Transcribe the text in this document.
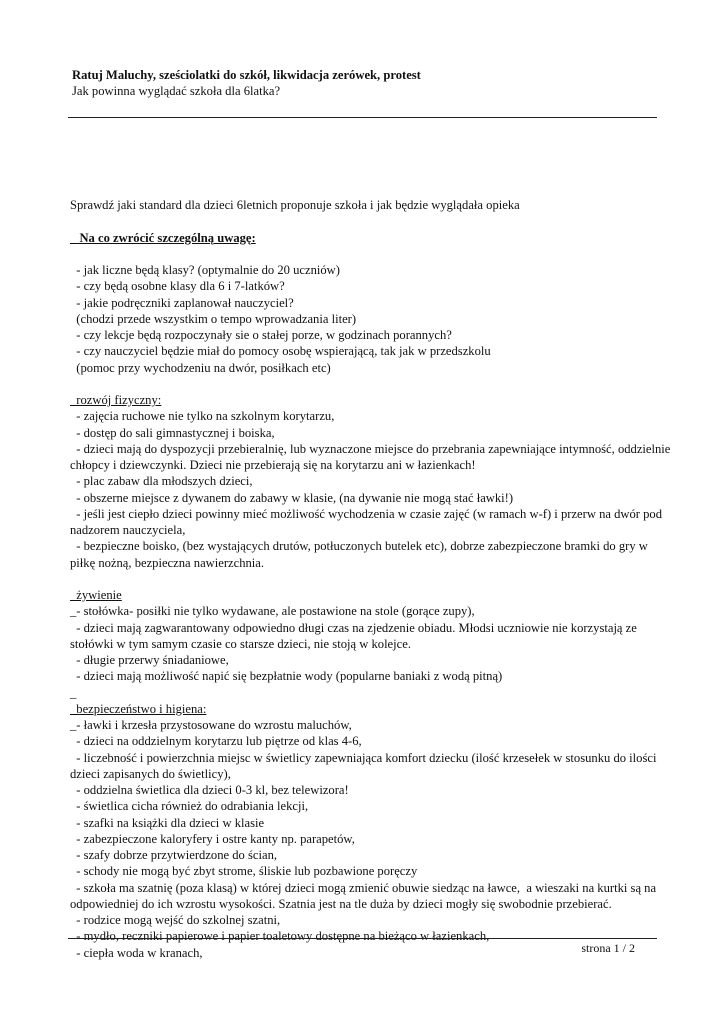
Ratuj Maluchy, sześciolatki do szkół, likwidacja zerówek, protest
Jak powinna wyglądać szkoła dla 6latka?
Sprawdź jaki standard dla dzieci 6letnich proponuje szkoła i jak będzie wyglądała opieka
Na co zwrócić szczególną uwagę:
- jak liczne będą klasy? (optymalnie do 20 uczniów)
- czy będą osobne klasy dla 6 i 7-latków?
- jakie podręczniki zaplanował nauczyciel?
(chodzi przede wszystkim o tempo wprowadzania liter)
- czy lekcje będą rozpoczynały sie o stałej porze, w godzinach porannych?
- czy nauczyciel będzie miał do pomocy osobę wspierającą, tak jak w przedszkolu
(pomoc przy wychodzeniu na dwór, posiłkach etc)
rozwój fizyczny:
- zajęcia ruchowe nie tylko na szkolnym korytarzu,
- dostęp do sali gimnastycznej i boiska,
- dzieci mają do dyspozycji przebieralnię, lub wyznaczone miejsce do przebrania zapewniające intymność, oddzielnie
chłopcy i dziewczynki. Dzieci nie przebierają się na korytarzu ani w łazienkach!
- plac zabaw dla młodszych dzieci,
- obszerne miejsce z dywanem do zabawy w klasie, (na dywanie nie mogą stać ławki!)
- jeśli jest ciepło dzieci powinny mieć możliwość wychodzenia w czasie zajęć (w ramach w-f) i przerw na dwór pod
nadzorem nauczyciela,
- bezpieczne boisko, (bez wystających drutów, potłuczonych butelek etc), dobrze zabezpieczone bramki do gry w
piłkę nożną, bezpieczna nawierzchnia.
żywienie
_- stołówka- posiłki nie tylko wydawane, ale postawione na stole (gorące zupy),
- dzieci mają zagwarantowany odpowiedno długi czas na zjedzenie obiadu. Młodsi uczniowie nie korzystają ze
stołówki w tym samym czasie co starsze dzieci, nie stoją w kolejce.
- długie przerwy śniadaniowe,
- dzieci mają możliwość napić się bezpłatnie wody (popularne baniaki z wodą pitną)
_
bezpieczeństwo i higiena:
_- ławki i krzesła przystosowane do wzrostu maluchów,
- dzieci na oddzielnym korytarzu lub piętrze od klas 4-6,
- liczebność i powierzchnia miejsc w świetlicy zapewniająca komfort dziecku (ilość krzesełek w stosunku do ilości
dzieci zapisanych do świetlicy),
- oddzielna świetlica dla dzieci 0-3 kl, bez telewizora!
- świetlica cicha również do odrabiania lekcji,
- szafki na książki dla dzieci w klasie
- zabezpieczone kaloryfery i ostre kanty np. parapetów,
- szafy dobrze przytwierdzone do ścian,
- schody nie mogą być zbyt strome, śliskie lub pozbawione poręczy
- szkoła ma szatnię (poza klasą) w której dzieci mogą zmienić obuwie siedząc na ławce,  a wieszaki na kurtki są na
odpowiedniej do ich wzrostu wysokości. Szatnia jest na tle duża by dzieci mogły się swobodnie przebierać.
- rodzice mogą wejść do szkolnej szatni,
- mydło, reczniki papierowe i papier toaletowy dostępne na bieżąco w łazienkach,
- ciepła woda w kranach,	strona 1 / 2
